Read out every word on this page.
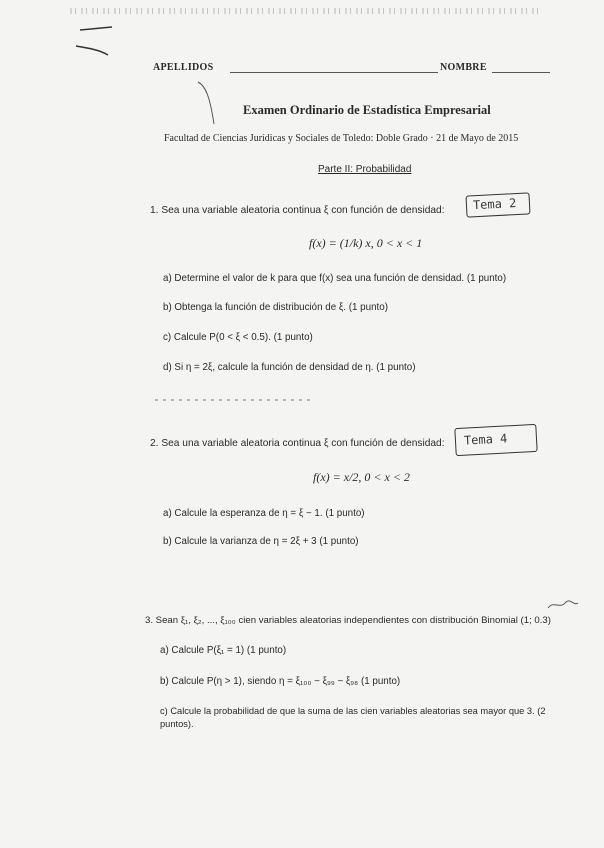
APELLIDOS	NOMBRE
Examen Ordinario de Estadística Empresarial
Facultad de Ciencias Jurídicas y Sociales de Toledo: Doble Grado · 21 de Mayo de 2015
Parte II: Probabilidad
1. Sea una variable aleatoria continua ξ con función de densidad: Tema 2
f(x) = (1/k) x, 0 < x < 1
a) Determine el valor de k para que f(x) sea una función de densidad. (1 punto)
b) Obtenga la función de distribución de ξ. (1 punto)
c) Calcule P(0 < ξ < 0.5). (1 punto)
d) Si η = 2ξ, calcule la función de densidad de η. (1 punto)
2. Sea una variable aleatoria continua ξ con función de densidad: Tema 4
f(x) = x/2, 0 < x < 2
a) Calcule la esperanza de η = ξ − 1. (1 punto)
b) Calcule la varianza de η = 2ξ + 3 (1 punto)
3. Sean ξ₁, ξ₂, ..., ξ₁₀₀ cien variables aleatorias independientes con distribución Binomial (1; 0.3)
a) Calcule P(ξ₁ = 1) (1 punto)
b) Calcule P(η > 1), siendo η = ξ₁₀₀ − ξ₉₉ − ξ₉₈ (1 punto)
c) Calcule la probabilidad de que la suma de las cien variables aleatorias sea mayor que 3. (2
puntos).
